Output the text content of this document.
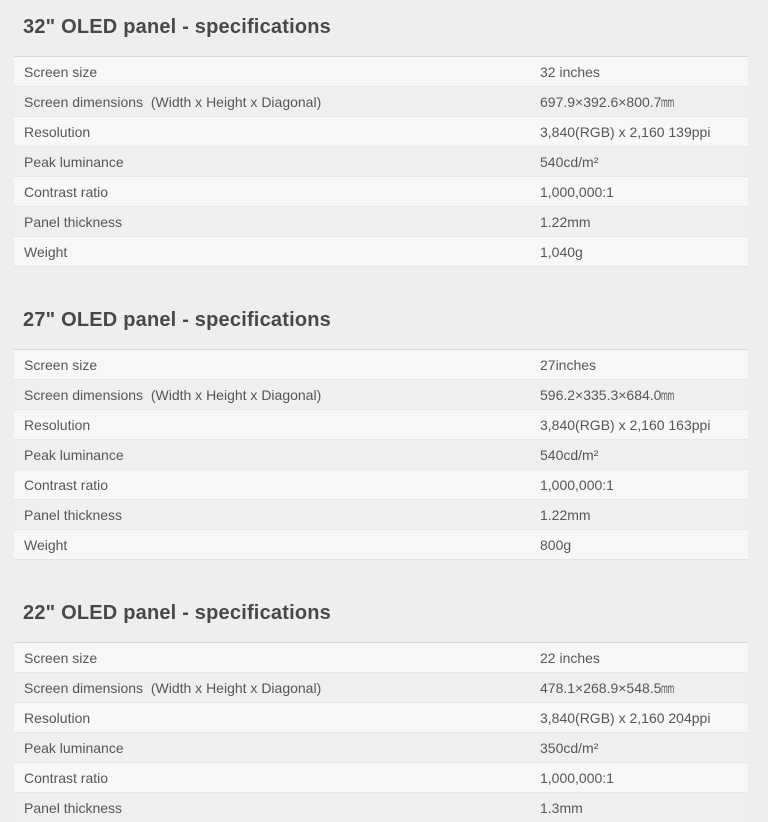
32" OLED panel - specifications
Screen size	32 inches
Screen dimensions  (Width x Height x Diagonal)	697.9×392.6×800.7mm
Resolution	3,840(RGB) x 2,160 139ppi
Peak luminance	540cd/m²
Contrast ratio	1,000,000:1
Panel thickness	1.22mm
Weight	1,040g
27" OLED panel - specifications
Screen size	27inches
Screen dimensions  (Width x Height x Diagonal)	596.2×335.3×684.0mm
Resolution	3,840(RGB) x 2,160 163ppi
Peak luminance	540cd/m²
Contrast ratio	1,000,000:1
Panel thickness	1.22mm
Weight	800g
22" OLED panel - specifications
Screen size	22 inches
Screen dimensions  (Width x Height x Diagonal)	478.1×268.9×548.5mm
Resolution	3,840(RGB) x 2,160 204ppi
Peak luminance	350cd/m²
Contrast ratio	1,000,000:1
Panel thickness	1.3mm
